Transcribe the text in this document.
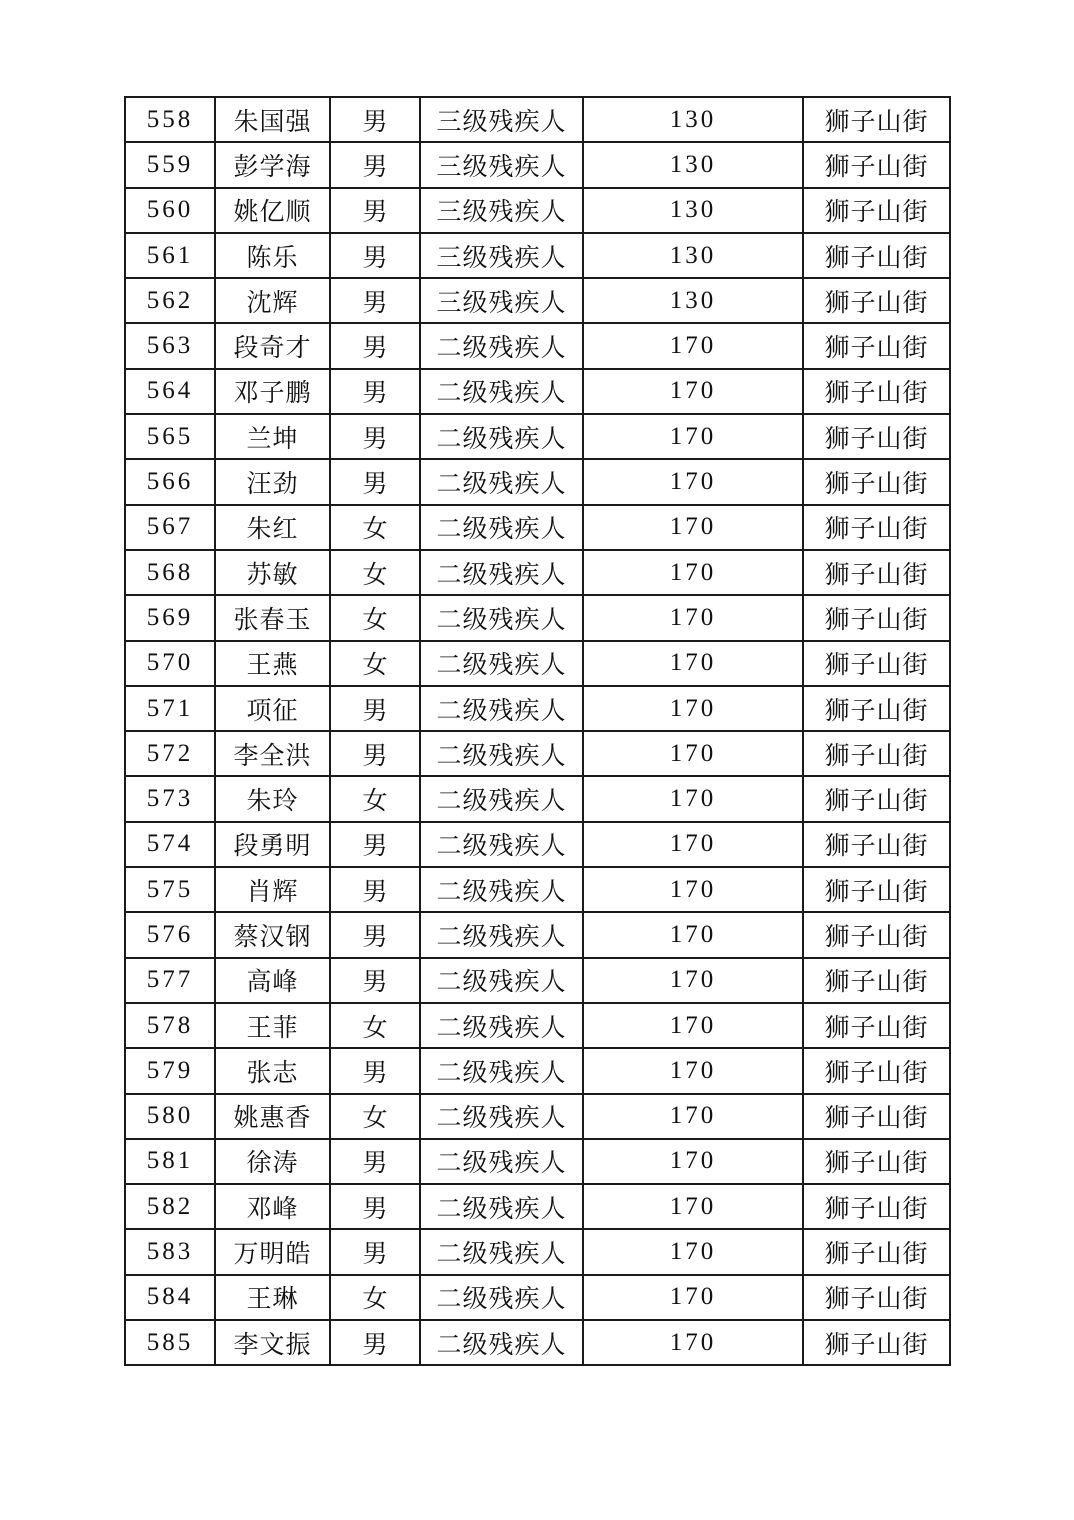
558	朱国强	男	三级残疾人	130	狮子山街
559	彭学海	男	三级残疾人	130	狮子山街
560	姚亿顺	男	三级残疾人	130	狮子山街
561	陈乐	男	三级残疾人	130	狮子山街
562	沈辉	男	三级残疾人	130	狮子山街
563	段奇才	男	二级残疾人	170	狮子山街
564	邓子鹏	男	二级残疾人	170	狮子山街
565	兰坤	男	二级残疾人	170	狮子山街
566	汪劲	男	二级残疾人	170	狮子山街
567	朱红	女	二级残疾人	170	狮子山街
568	苏敏	女	二级残疾人	170	狮子山街
569	张春玉	女	二级残疾人	170	狮子山街
570	王燕	女	二级残疾人	170	狮子山街
571	项征	男	二级残疾人	170	狮子山街
572	李全洪	男	二级残疾人	170	狮子山街
573	朱玲	女	二级残疾人	170	狮子山街
574	段勇明	男	二级残疾人	170	狮子山街
575	肖辉	男	二级残疾人	170	狮子山街
576	蔡汉钢	男	二级残疾人	170	狮子山街
577	高峰	男	二级残疾人	170	狮子山街
578	王菲	女	二级残疾人	170	狮子山街
579	张志	男	二级残疾人	170	狮子山街
580	姚惠香	女	二级残疾人	170	狮子山街
581	徐涛	男	二级残疾人	170	狮子山街
582	邓峰	男	二级残疾人	170	狮子山街
583	万明皓	男	二级残疾人	170	狮子山街
584	王琳	女	二级残疾人	170	狮子山街
585	李文振	男	二级残疾人	170	狮子山街
